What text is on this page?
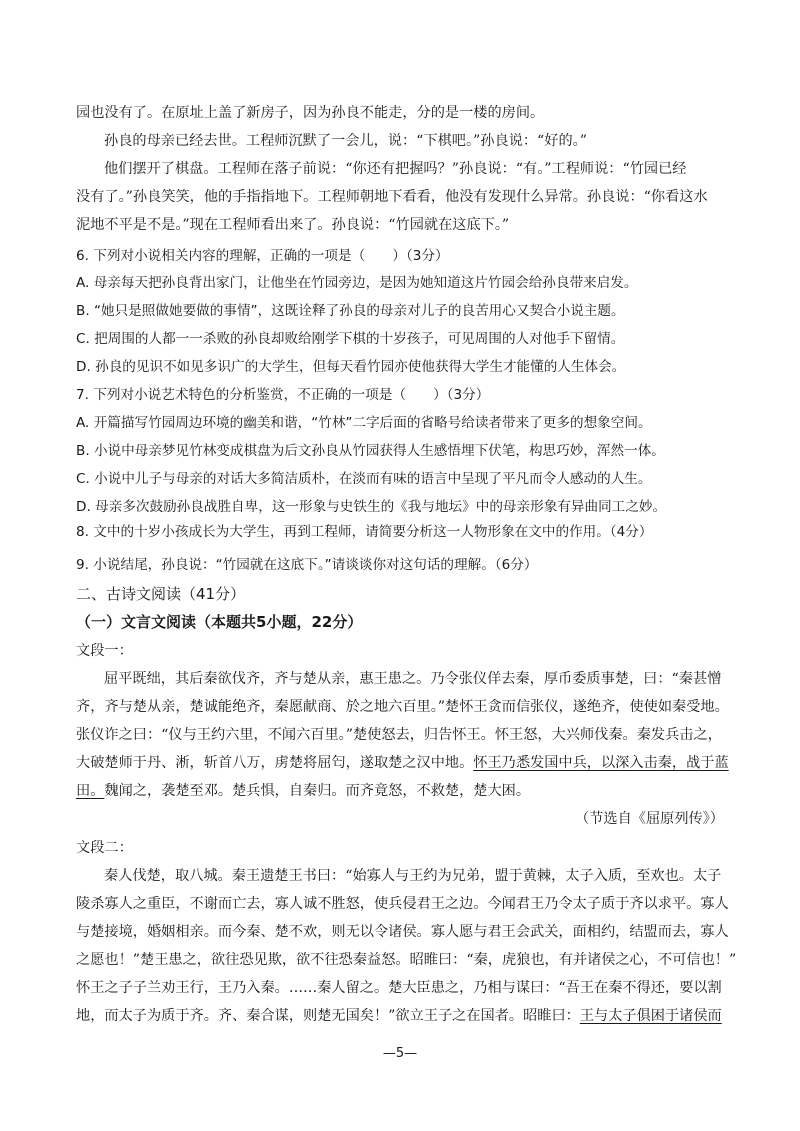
园也没有了。在原址上盖了新房子，因为孙良不能走，分的是一楼的房间。
孙良的母亲已经去世。工程师沉默了一会儿，说：“下棋吧。”孙良说：“好的。”
他们摆开了棋盘。工程师在落子前说：“你还有把握吗？”孙良说：“有。”工程师说：“竹园已经
没有了。”孙良笑笑，他的手指指地下。工程师朝地下看看，他没有发现什么异常。孙良说：“你看这水
泥地不平是不是。”现在工程师看出来了。孙良说：“竹园就在这底下。”
6. 下列对小说相关内容的理解，正确的一项是（　　）（3分）
A. 母亲每天把孙良背出家门，让他坐在竹园旁边，是因为她知道这片竹园会给孙良带来启发。
B. “她只是照做她要做的事情”，这既诠释了孙良的母亲对儿子的良苦用心又契合小说主题。
C. 把周围的人都一一杀败的孙良却败给刚学下棋的十岁孩子，可见周围的人对他手下留情。
D. 孙良的见识不如见多识广的大学生，但每天看竹园亦使他获得大学生才能懂的人生体会。
7. 下列对小说艺术特色的分析鉴赏，不正确的一项是（　　）（3分）
A. 开篇描写竹园周边环境的幽美和谐，“竹林”二字后面的省略号给读者带来了更多的想象空间。
B. 小说中母亲梦见竹林变成棋盘为后文孙良从竹园获得人生感悟埋下伏笔，构思巧妙，浑然一体。
C. 小说中儿子与母亲的对话大多简洁质朴，在淡而有味的语言中呈现了平凡而令人感动的人生。
D. 母亲多次鼓励孙良战胜自卑，这一形象与史铁生的《我与地坛》中的母亲形象有异曲同工之妙。
8. 文中的十岁小孩成长为大学生，再到工程师，请简要分析这一人物形象在文中的作用。（4分）
9. 小说结尾，孙良说：“竹园就在这底下。”请谈谈你对这句话的理解。（6分）
二、古诗文阅读（41分）
（一）文言文阅读（本题共5小题，22分）
文段一：
屈平既绌，其后秦欲伐齐，齐与楚从亲，惠王患之。乃令张仪佯去秦，厚币委质事楚，曰：“秦甚憎
齐，齐与楚从亲，楚诚能绝齐，秦愿献商、於之地六百里。”楚怀王贪而信张仪，遂绝齐，使使如秦受地。
张仪诈之曰：“仪与王约六里，不闻六百里。”楚使怒去，归告怀王。怀王怒，大兴师伐秦。秦发兵击之，
大破楚师于丹、淅，斩首八万，虏楚将屈匄，遂取楚之汉中地。怀王乃悉发国中兵，以深入击秦，战于蓝
田。魏闻之，袭楚至邓。楚兵惧，自秦归。而齐竟怒，不救楚，楚大困。
（节选自《屈原列传》）
文段二：
秦人伐楚，取八城。秦王遗楚王书曰：“始寡人与王约为兄弟，盟于黄棘，太子入质，至欢也。太子
陵杀寡人之重臣，不谢而亡去，寡人诚不胜怒，使兵侵君王之边。今闻君王乃令太子质于齐以求平。寡人
与楚接境，婚姻相亲。而今秦、楚不欢，则无以令诸侯。寡人愿与君王会武关，面相约，结盟而去，寡人
之愿也！”楚王患之，欲往恐见欺，欲不往恐秦益怒。昭睢曰：“秦，虎狼也，有并诸侯之心，不可信也！”
怀王之子子兰劝王行，王乃入秦。……秦人留之。楚大臣患之，乃相与谋曰：“吾王在秦不得还，要以割
地，而太子为质于齐。齐、秦合谋，则楚无国矣！”欲立王子之在国者。昭睢曰：王与太子俱困于诸侯而
—5—
